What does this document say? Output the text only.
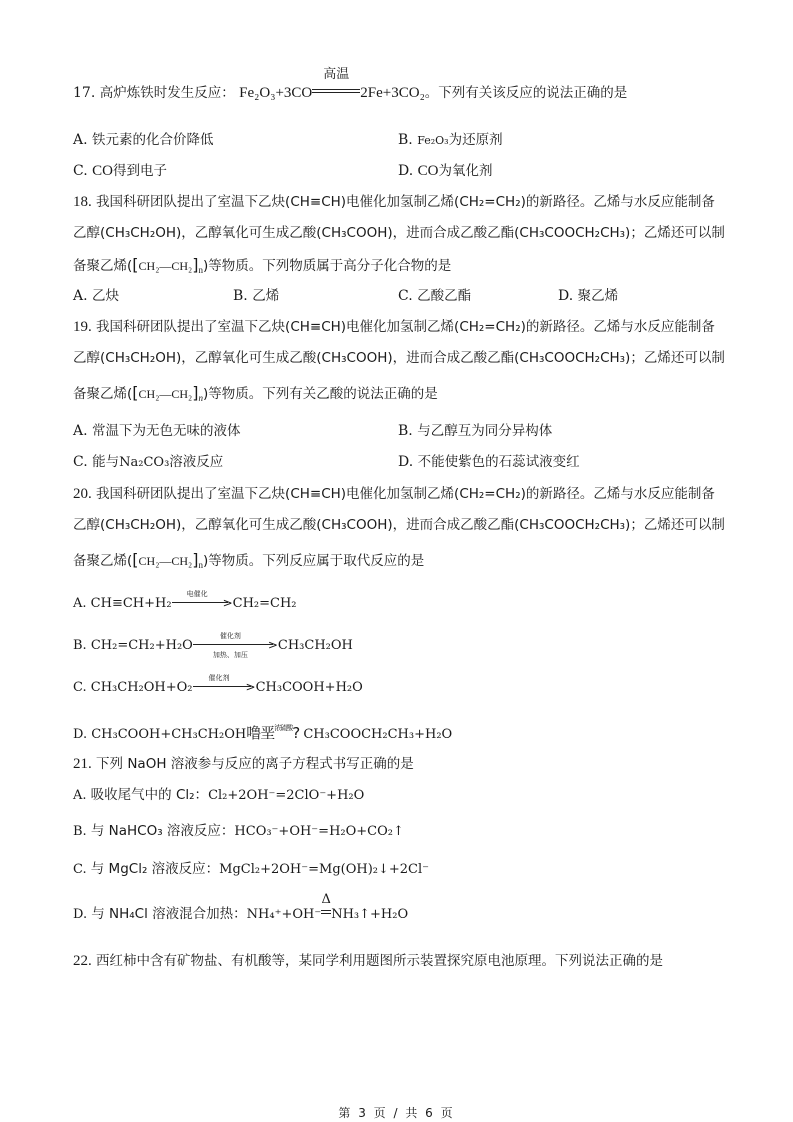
17. 高炉炼铁时发生反应： Fe₂O₃+3CO
高温
2Fe+3CO₂。下列有关该反应的说法正确的是
A. 铁元素的化合价降低	B. Fe₂O₃为还原剂
C. CO得到电子	D. CO为氧化剂
18. 我国科研团队提出了室温下乙炔(CH≡CH)电催化加氢制乙烯(CH₂=CH₂)的新路径。乙烯与水反应能制备
乙醇(CH₃CH₂OH)，乙醇氧化可生成乙酸(CH₃COOH)，进而合成乙酸乙酯(CH₃COOCH₂CH₃)；乙烯还可以制
备聚乙烯$([CH_2—CH_2]_n)$等物质。下列物质属于高分子化合物的是
A. 乙炔	B. 乙烯	C. 乙酸乙酯	D. 聚乙烯
19. 我国科研团队提出了室温下乙炔(CH≡CH)电催化加氢制乙烯(CH₂=CH₂)的新路径。乙烯与水反应能制备
乙醇(CH₃CH₂OH)，乙醇氧化可生成乙酸(CH₃COOH)，进而合成乙酸乙酯(CH₃COOCH₂CH₃)；乙烯还可以制
备聚乙烯$([CH_2—CH_2]_n)$等物质。下列有关乙酸的说法正确的是
A. 常温下为无色无味的液体	B. 与乙醇互为同分异构体
C. 能与Na₂CO₃溶液反应	D. 不能使紫色的石蕊试液变红
20. 我国科研团队提出了室温下乙炔(CH≡CH)电催化加氢制乙烯(CH₂=CH₂)的新路径。乙烯与水反应能制备
乙醇(CH₃CH₂OH)，乙醇氧化可生成乙酸(CH₃COOH)，进而合成乙酸乙酯(CH₃COOCH₂CH₃)；乙烯还可以制
备聚乙烯$([CH_2—CH_2]_n)$等物质。下列反应属于取代反应的是
A. CH≡CH+H₂
电催化
>CH₂=CH₂
B. CH₂=CH₂+H₂O
催化剂
>
加热、加压
CH₃CH₂OH
C. CH₃CH₂OH+O₂
催化剂
>CH₃COOH+H₂O
D. CH₃COOH+CH₃CH₂OH噜垩$^{浓硫酸}$? CH₃COOCH₂CH₃+H₂O
21. 下列 NaOH 溶液参与反应的离子方程式书写正确的是
A. 吸收尾气中的 Cl₂：Cl₂+2OH⁻=2ClO⁻+H₂O
B. 与 NaHCO₃ 溶液反应：HCO₃⁻+OH⁻=H₂O+CO₂↑
C. 与 MgCl₂ 溶液反应：MgCl₂+2OH⁻=Mg(OH)₂↓+2Cl⁻
D. 与 NH₄Cl 溶液混合加热：NH₄⁺+OH⁻
Δ
NH₃↑+H₂O
22. 西红柿中含有矿物盐、有机酸等，某同学利用题图所示装置探究原电池原理。下列说法正确的是
第 3 页 / 共 6 页
